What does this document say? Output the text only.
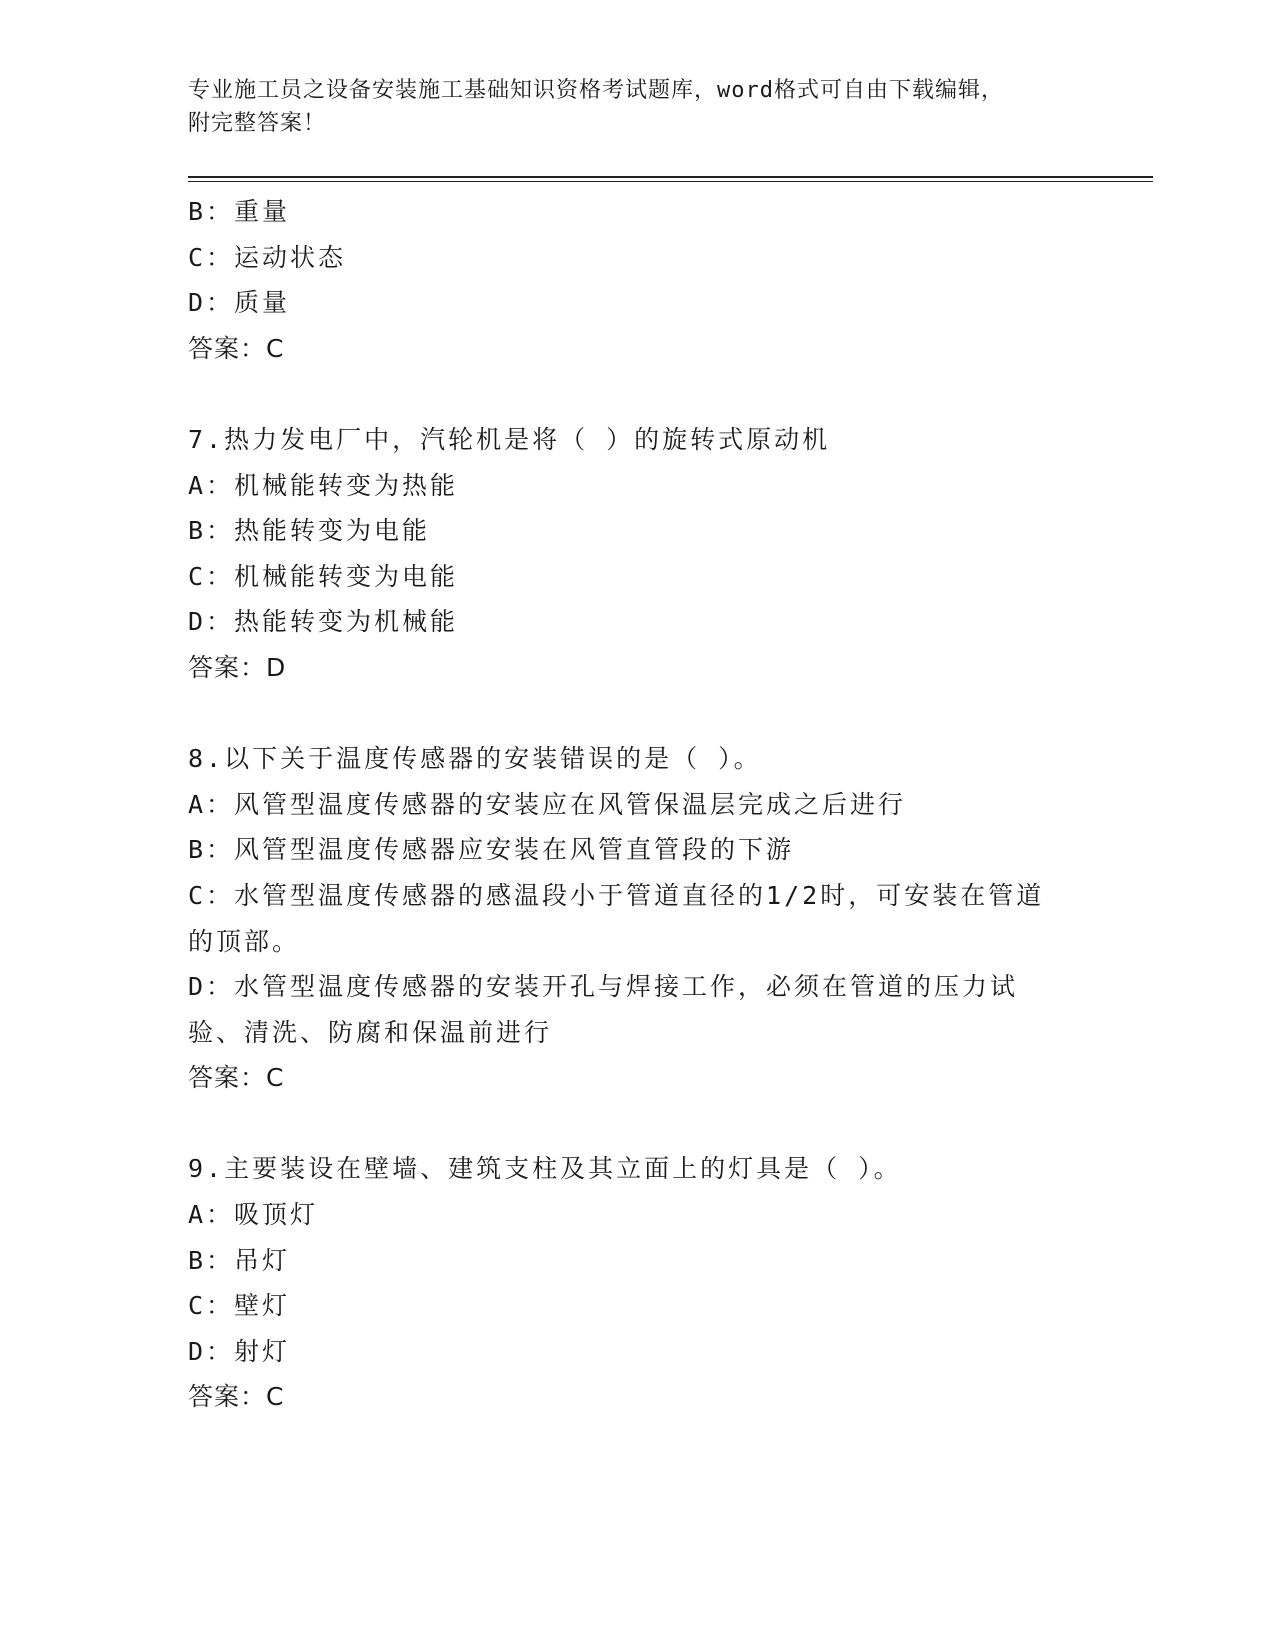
专业施工员之设备安装施工基础知识资格考试题库，word格式可自由下载编辑，
附完整答案！
B：重量
C：运动状态
D：质量
答案：C
7.热力发电厂中，汽轮机是将（ ）的旋转式原动机
A：机械能转变为热能
B：热能转变为电能
C：机械能转变为电能
D：热能转变为机械能
答案：D
8.以下关于温度传感器的安装错误的是（ ）。
A：风管型温度传感器的安装应在风管保温层完成之后进行
B：风管型温度传感器应安装在风管直管段的下游
C：水管型温度传感器的感温段小于管道直径的1/2时，可安装在管道的顶部。
D：水管型温度传感器的安装开孔与焊接工作，必须在管道的压力试验、清洗、防腐和保温前进行
答案：C
9.主要装设在壁墙、建筑支柱及其立面上的灯具是（ ）。
A：吸顶灯
B：吊灯
C：壁灯
D：射灯
答案：C
